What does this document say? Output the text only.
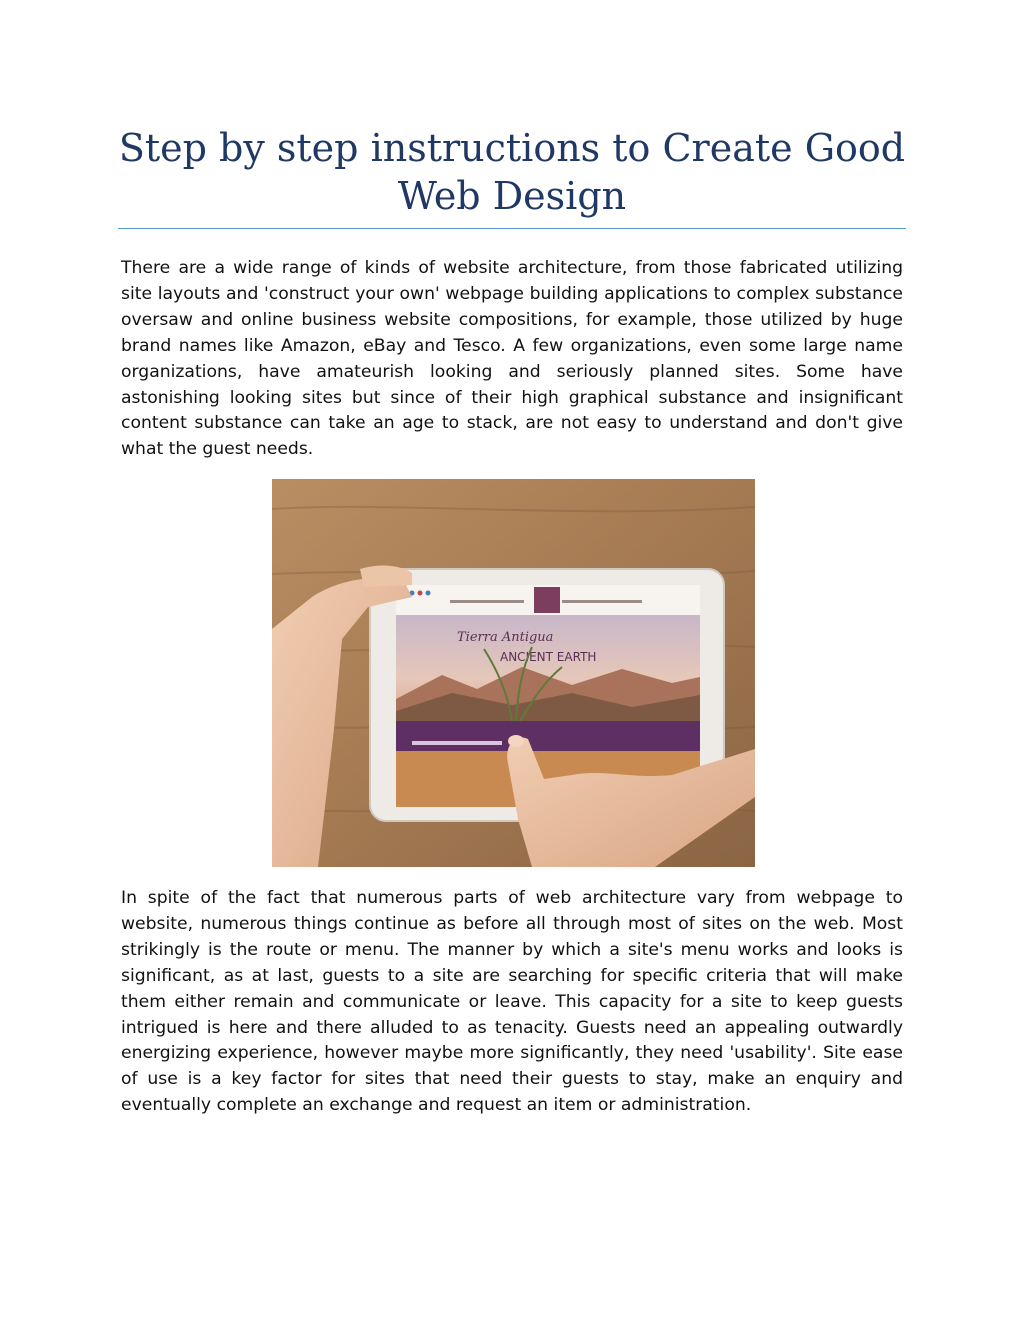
Step by step instructions to Create Good Web Design

There are a wide range of kinds of website architecture, from those fabricated utilizing site layouts and 'construct your own' webpage building applications to complex substance oversaw and online business website compositions, for example, those utilized by huge brand names like Amazon, eBay and Tesco. A few organizations, even some large name organizations, have amateurish looking and seriously planned sites. Some have astonishing looking sites but since of their high graphical substance and insignificant content substance can take an age to stack, are not easy to understand and don't give what the guest needs.

Tierra Antigua
ANCIENT EARTH

In spite of the fact that numerous parts of web architecture vary from webpage to website, numerous things continue as before all through most of sites on the web. Most strikingly is the route or menu. The manner by which a site's menu works and looks is significant, as at last, guests to a site are searching for specific criteria that will make them either remain and communicate or leave. This capacity for a site to keep guests intrigued is here and there alluded to as tenacity. Guests need an appealing outwardly energizing experience, however maybe more significantly, they need 'usability'. Site ease of use is a key factor for sites that need their guests to stay, make an enquiry and eventually complete an exchange and request an item or administration.
